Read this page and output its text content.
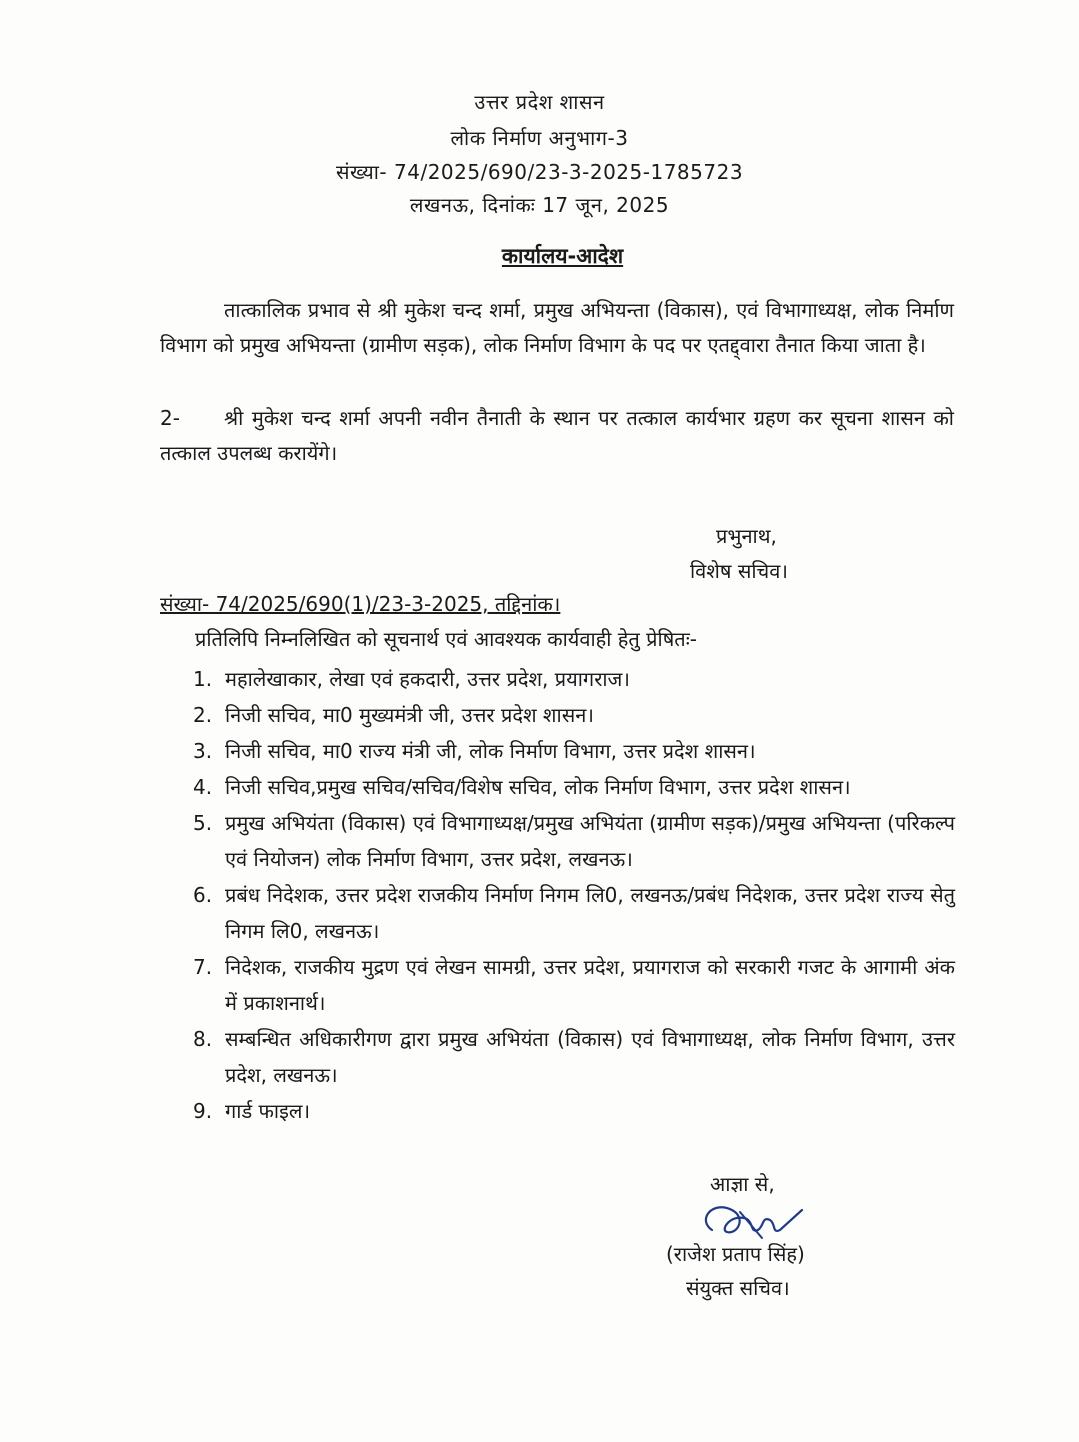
उत्तर प्रदेश शासन
लोक निर्माण अनुभाग-3
संख्या- 74/2025/690/23-3-2025-1785723
लखनऊ, दिनांकः 17 जून, 2025
कार्यालय-आदेश
तात्कालिक प्रभाव से श्री मुकेश चन्द शर्मा, प्रमुख अभियन्ता (विकास), एवं विभागाध्यक्ष, लोक निर्माण विभाग को प्रमुख अभियन्ता (ग्रामीण सड़क), लोक निर्माण विभाग के पद पर एतद्द्वारा तैनात किया जाता है।
2- श्री मुकेश चन्द शर्मा अपनी नवीन तैनाती के स्थान पर तत्काल कार्यभार ग्रहण कर सूचना शासन को तत्काल उपलब्ध करायेंगे।
प्रभुनाथ,
विशेष सचिव।
संख्या- 74/2025/690(1)/23-3-2025, तद्दिनांक।
प्रतिलिपि निम्नलिखित को सूचनार्थ एवं आवश्यक कार्यवाही हेतु प्रेषितः-
1. महालेखाकार, लेखा एवं हकदारी, उत्तर प्रदेश, प्रयागराज।
2. निजी सचिव, मा0 मुख्यमंत्री जी, उत्तर प्रदेश शासन।
3. निजी सचिव, मा0 राज्य मंत्री जी, लोक निर्माण विभाग, उत्तर प्रदेश शासन।
4. निजी सचिव,प्रमुख सचिव/सचिव/विशेष सचिव, लोक निर्माण विभाग, उत्तर प्रदेश शासन।
5. प्रमुख अभियंता (विकास) एवं विभागाध्यक्ष/प्रमुख अभियंता (ग्रामीण सड़क)/प्रमुख अभियन्ता (परिकल्प एवं नियोजन) लोक निर्माण विभाग, उत्तर प्रदेश, लखनऊ।
6. प्रबंध निदेशक, उत्तर प्रदेश राजकीय निर्माण निगम लि0, लखनऊ/प्रबंध निदेशक, उत्तर प्रदेश राज्य सेतु निगम लि0, लखनऊ।
7. निदेशक, राजकीय मुद्रण एवं लेखन सामग्री, उत्तर प्रदेश, प्रयागराज को सरकारी गजट के आगामी अंक में प्रकाशनार्थ।
8. सम्बन्धित अधिकारीगण द्वारा प्रमुख अभियंता (विकास) एवं विभागाध्यक्ष, लोक निर्माण विभाग, उत्तर प्रदेश, लखनऊ।
9. गार्ड फाइल।
आज्ञा से,
(राजेश प्रताप सिंह)
संयुक्त सचिव।
